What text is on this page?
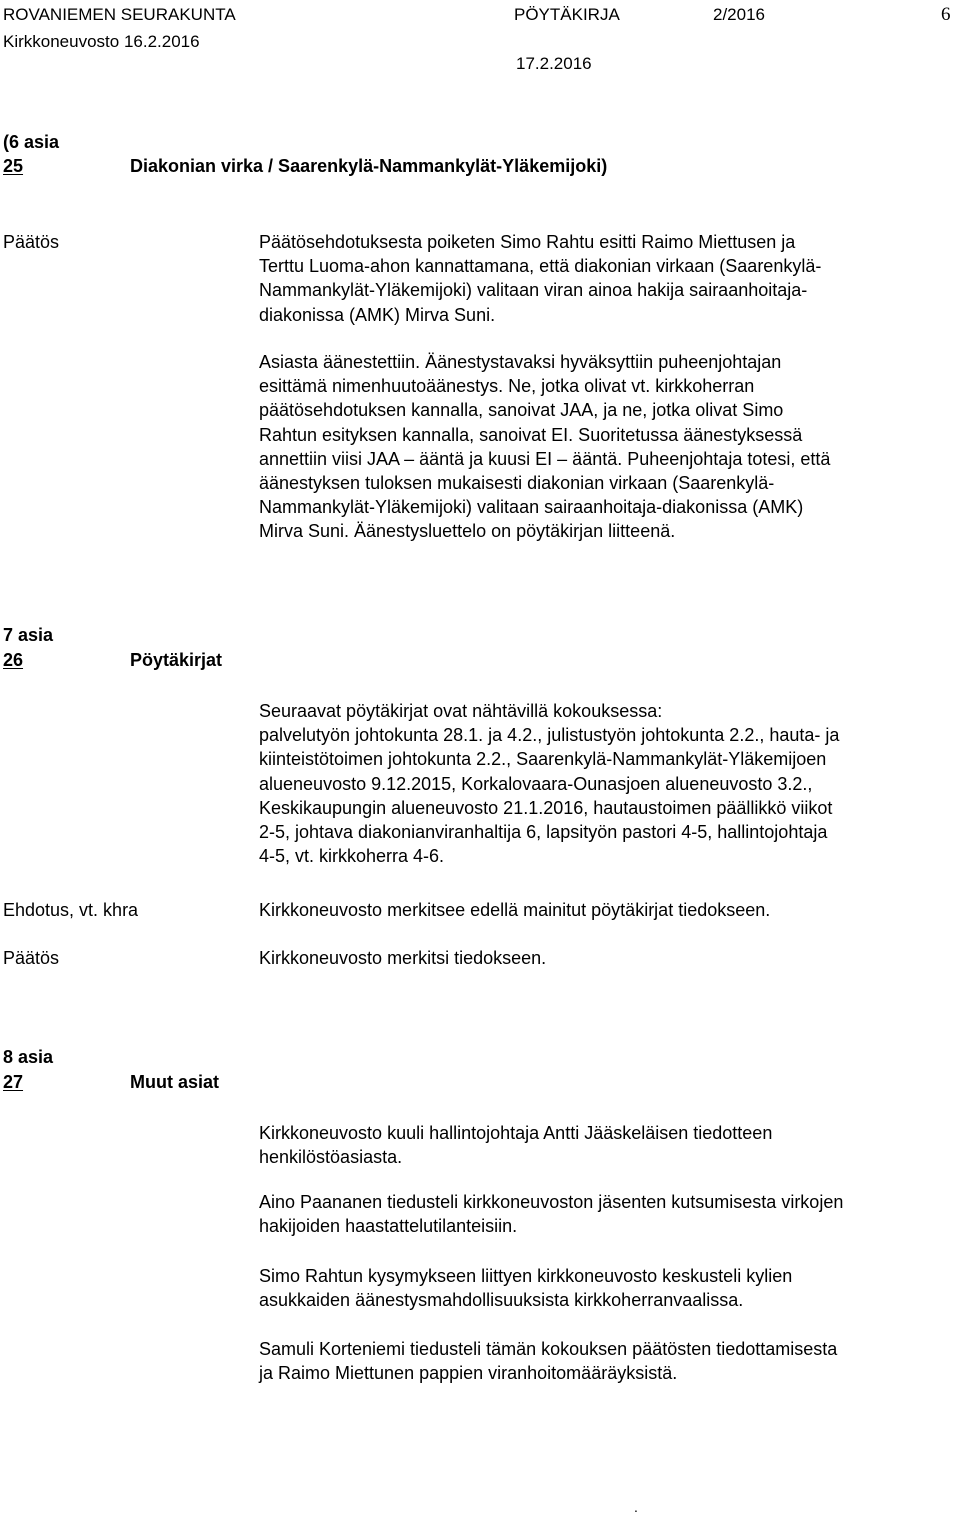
ROVANIEMEN SEURAKUNTA	PÖYTÄKIRJA	2/2016	6
Kirkkoneuvosto 16.2.2016
17.2.2016
(6 asia
25	Diakonian virka / Saarenkylä-Nammankylät-Yläkemijoki)
Päätös	Päätösehdotuksesta poiketen Simo Rahtu esitti Raimo Miettusen ja
Terttu Luoma-ahon kannattamana, että diakonian virkaan (Saarenkylä-
Nammankylät-Yläkemijoki) valitaan viran ainoa hakija sairaanhoitaja-
diakonissa (AMK) Mirva Suni.
Asiasta äänestettiin. Äänestystavaksi hyväksyttiin puheenjohtajan
esittämä nimenhuutoäänestys. Ne, jotka olivat vt. kirkkoherran
päätösehdotuksen kannalla, sanoivat JAA, ja ne, jotka olivat Simo
Rahtun esityksen kannalla, sanoivat EI. Suoritetussa äänestyksessä
annettiin viisi JAA – ääntä ja kuusi EI – ääntä. Puheenjohtaja totesi, että
äänestyksen tuloksen mukaisesti diakonian virkaan (Saarenkylä-
Nammankylät-Yläkemijoki) valitaan sairaanhoitaja-diakonissa (AMK)
Mirva Suni. Äänestysluettelo on pöytäkirjan liitteenä.
7 asia
26	Pöytäkirjat
Seuraavat pöytäkirjat ovat nähtävillä kokouksessa:
palvelutyön johtokunta 28.1. ja 4.2., julistustyön johtokunta 2.2., hauta- ja
kiinteistötoimen johtokunta 2.2., Saarenkylä-Nammankylät-Yläkemijoen
alueneuvosto 9.12.2015, Korkalovaara-Ounasjoen alueneuvosto 3.2.,
Keskikaupungin alueneuvosto 21.1.2016, hautaustoimen päällikkö viikot
2-5, johtava diakonianviranhaltija 6, lapsityön pastori 4-5, hallintojohtaja
4-5, vt. kirkkoherra 4-6.
Ehdotus, vt. khra	Kirkkoneuvosto merkitsee edellä mainitut pöytäkirjat tiedokseen.
Päätös	Kirkkoneuvosto merkitsi tiedokseen.
8 asia
27	Muut asiat
Kirkkoneuvosto kuuli hallintojohtaja Antti Jääskeläisen tiedotteen
henkilöstöasiasta.
Aino Paananen tiedusteli kirkkoneuvoston jäsenten kutsumisesta virkojen
hakijoiden haastattelutilanteisiin.
Simo Rahtun kysymykseen liittyen kirkkoneuvosto keskusteli kylien
asukkaiden äänestysmahdollisuuksista kirkkoherranvaalissa.
Samuli Korteniemi tiedusteli tämän kokouksen päätösten tiedottamisesta
ja Raimo Miettunen pappien viranhoitomääräyksistä.
.
